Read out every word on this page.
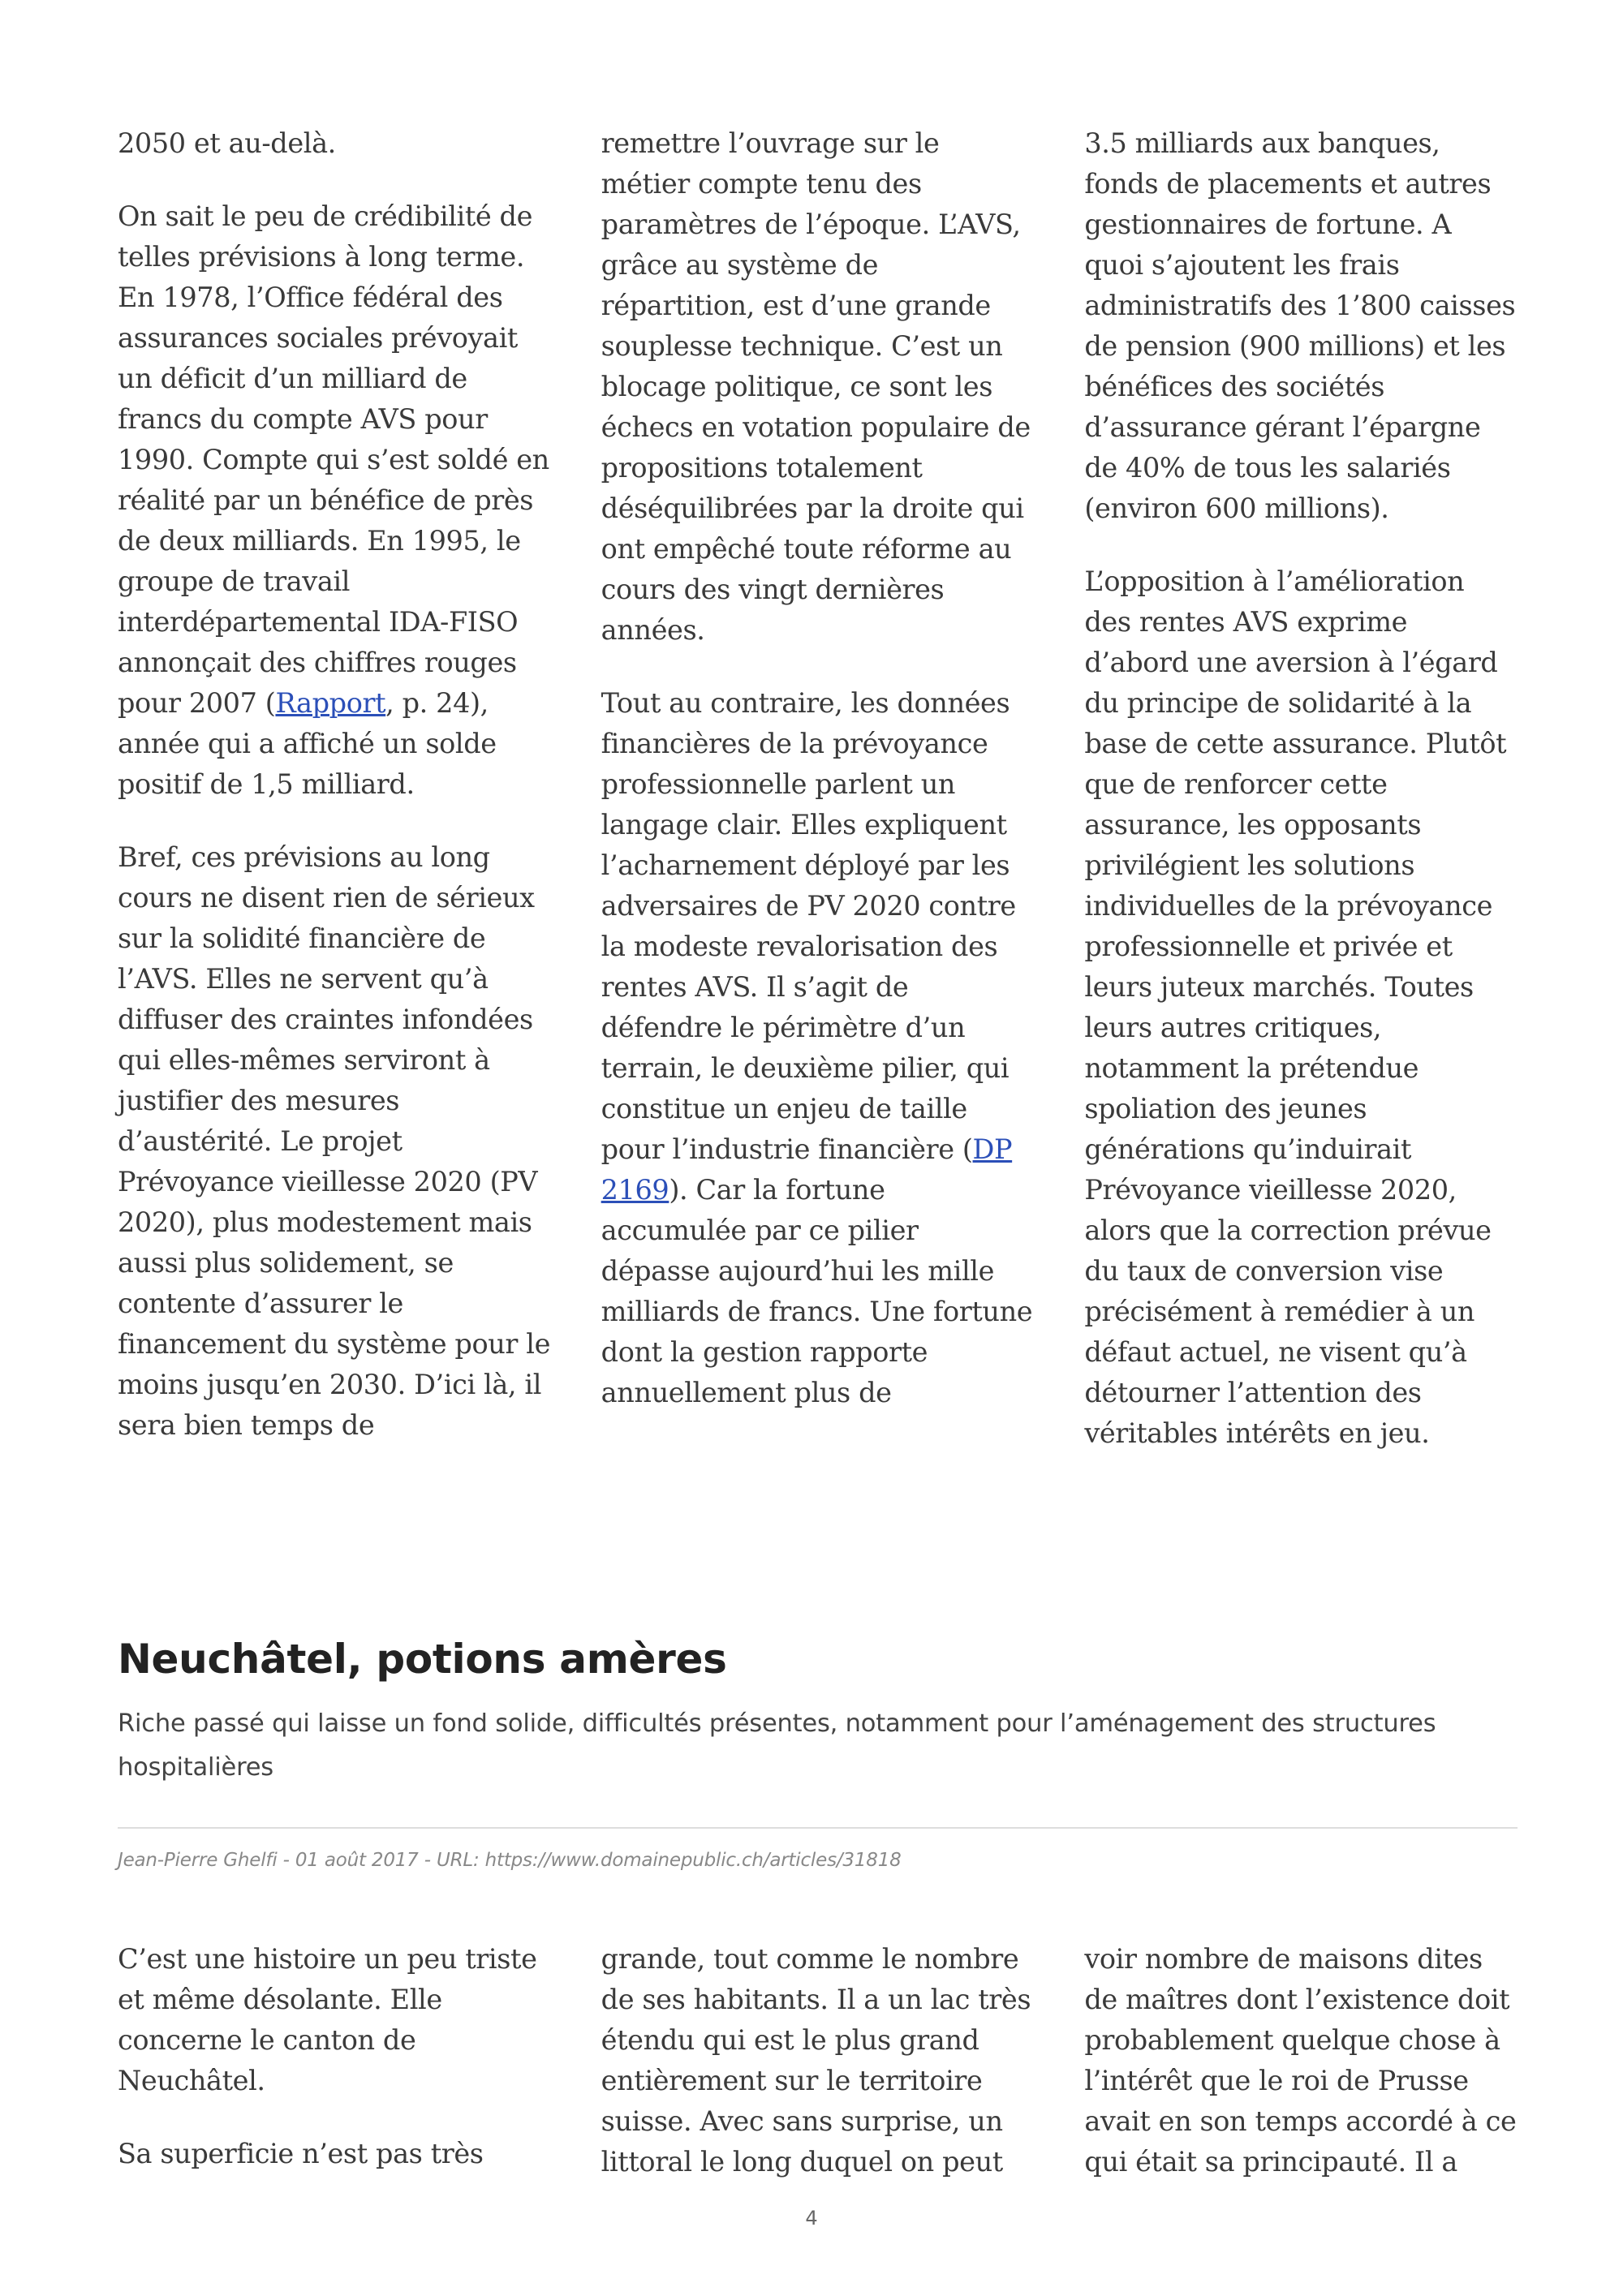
2050 et au-delà.

On sait le peu de crédibilité de telles prévisions à long terme. En 1978, l’Office fédéral des assurances sociales prévoyait un déficit d’un milliard de francs du compte AVS pour 1990. Compte qui s’est soldé en réalité par un bénéfice de près de deux milliards. En 1995, le groupe de travail interdépartemental IDA-FISO annonçait des chiffres rouges pour 2007 (Rapport, p. 24), année qui a affiché un solde positif de 1,5 milliard.

Bref, ces prévisions au long cours ne disent rien de sérieux sur la solidité financière de l’AVS. Elles ne servent qu’à diffuser des craintes infondées qui elles-mêmes serviront à justifier des mesures d’austérité. Le projet Prévoyance vieillesse 2020 (PV 2020), plus modestement mais aussi plus solidement, se contente d’assurer le financement du système pour le moins jusqu’en 2030. D’ici là, il sera bien temps de

remettre l’ouvrage sur le métier compte tenu des paramètres de l’époque. L’AVS, grâce au système de répartition, est d’une grande souplesse technique. C’est un blocage politique, ce sont les échecs en votation populaire de propositions totalement déséquilibrées par la droite qui ont empêché toute réforme au cours des vingt dernières années.

Tout au contraire, les données financières de la prévoyance professionnelle parlent un langage clair. Elles expliquent l’acharnement déployé par les adversaires de PV 2020 contre la modeste revalorisation des rentes AVS. Il s’agit de défendre le périmètre d’un terrain, le deuxième pilier, qui constitue un enjeu de taille pour l’industrie financière (DP 2169). Car la fortune accumulée par ce pilier dépasse aujourd’hui les mille milliards de francs. Une fortune dont la gestion rapporte annuellement plus de

3.5 milliards aux banques, fonds de placements et autres gestionnaires de fortune. A quoi s’ajoutent les frais administratifs des 1’800 caisses de pension (900 millions) et les bénéfices des sociétés d’assurance gérant l’épargne de 40% de tous les salariés (environ 600 millions).

L’opposition à l’amélioration des rentes AVS exprime d’abord une aversion à l’égard du principe de solidarité à la base de cette assurance. Plutôt que de renforcer cette assurance, les opposants privilégient les solutions individuelles de la prévoyance professionnelle et privée et leurs juteux marchés. Toutes leurs autres critiques, notamment la prétendue spoliation des jeunes générations qu’induirait Prévoyance vieillesse 2020, alors que la correction prévue du taux de conversion vise précisément à remédier à un défaut actuel, ne visent qu’à détourner l’attention des véritables intérêts en jeu.

Neuchâtel, potions amères

Riche passé qui laisse un fond solide, difficultés présentes, notamment pour l’aménagement des structures hospitalières

Jean-Pierre Ghelfi - 01 août 2017 - URL: https://www.domainepublic.ch/articles/31818

C’est une histoire un peu triste et même désolante. Elle concerne le canton de Neuchâtel.

Sa superficie n’est pas très

grande, tout comme le nombre de ses habitants. Il a un lac très étendu qui est le plus grand entièrement sur le territoire suisse. Avec sans surprise, un littoral le long duquel on peut

voir nombre de maisons dites de maîtres dont l’existence doit probablement quelque chose à l’intérêt que le roi de Prusse avait en son temps accordé à ce qui était sa principauté. Il a

4
